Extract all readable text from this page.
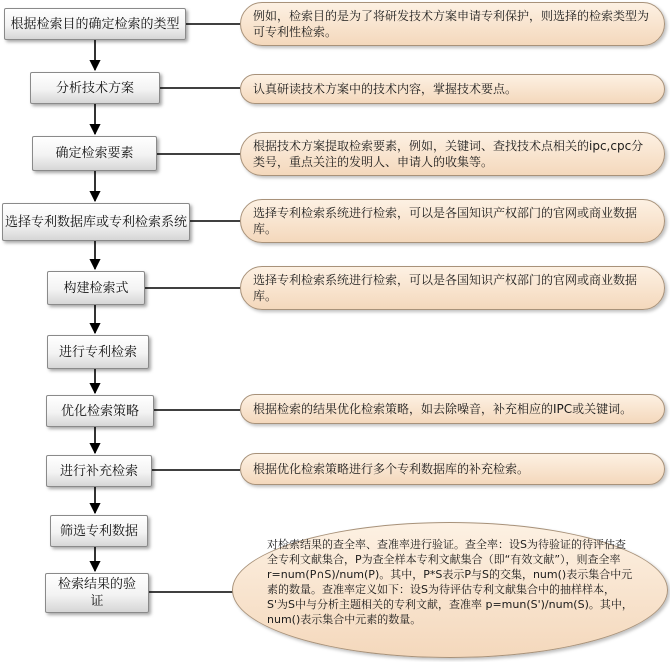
根据检索目的确定检索的类型
分析技术方案
确定检索要素
选择专利数据库或专利检索系统
构建检索式
进行专利检索
优化检索策略
进行补充检索
筛选专利数据
检索结果的验证
例如，检索目的是为了将研发技术方案申请专利保护，则选择的检索类型为可专利性检索。
认真研读技术方案中的技术内容，掌握技术要点。
根据技术方案提取检索要素，例如，关键词、查找技术点相关的ipc,cpc分类号，重点关注的发明人、申请人的收集等。
选择专利检索系统进行检索，可以是各国知识产权部门的官网或商业数据库。
选择专利检索系统进行检索，可以是各国知识产权部门的官网或商业数据库。
根据检索的结果优化检索策略，如去除噪音，补充相应的IPC或关键词。
根据优化检索策略进行多个专利数据库的补充检索。
对检索结果的查全率、查准率进行验证。查全率：设S为待验证的待评估查全专利文献集合，P为查全样本专利文献集合（即“有效文献”），则查全率r=num(P∩S)/num(P)。其中，P*S表示P与S的交集，num()表示集合中元素的数量。查准率定义如下：设S为待评估专利文献集合中的抽样样本，S'为S中与分析主题相关的专利文献，查准率 p=mun(S')/num(S)。其中，num()表示集合中元素的数量。
